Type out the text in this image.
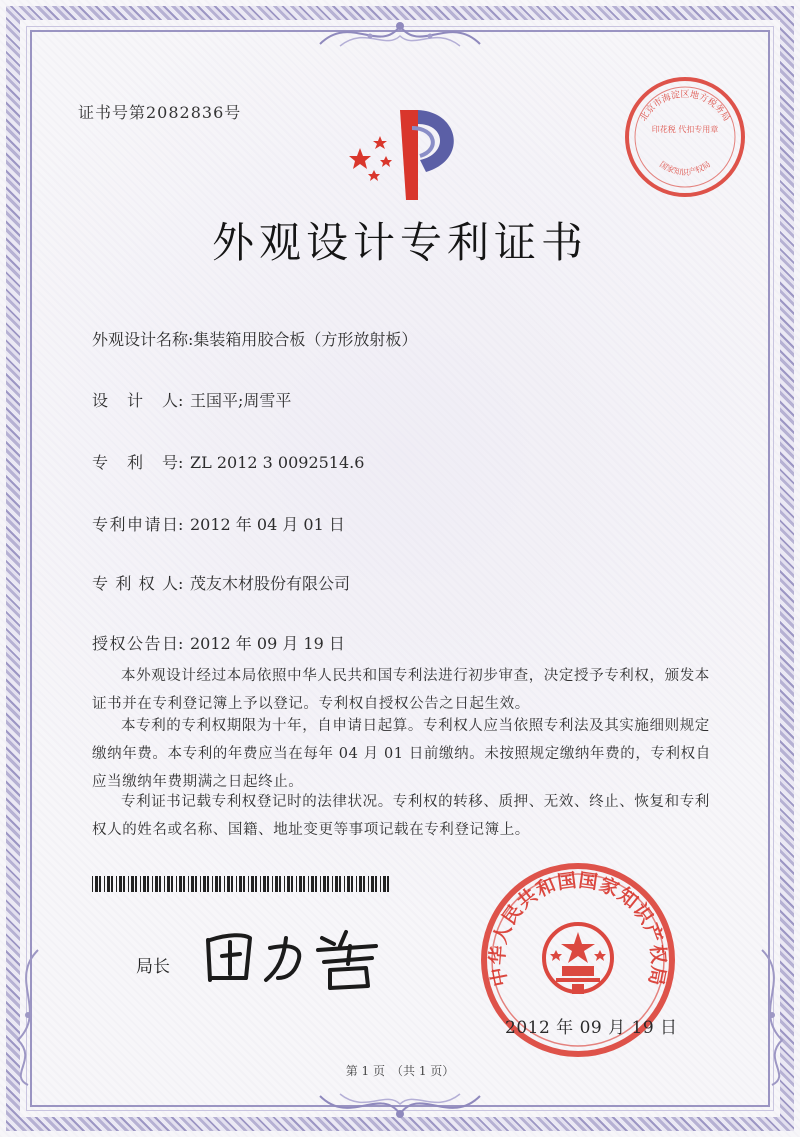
证书号第2082836号	北京市海淀区地方税务局
印花税 代扣专用章
国家知识产权局
外观设计专利证书
外观设计名称:集装箱用胶合板（方形放射板）
设 计 人: 王国平;周雪平
专 利 号: ZL 2012 3 0092514.6
专利申请日: 2012 年 04 月 01 日
专 利 权 人: 茂友木材股份有限公司
授权公告日: 2012 年 09 月 19 日
本外观设计经过本局依照中华人民共和国专利法进行初步审查，决定授予专利权，颁发本证书并在专利登记簿上予以登记。专利权自授权公告之日起生效。
本专利的专利权期限为十年，自申请日起算。专利权人应当依照专利法及其实施细则规定缴纳年费。本专利的年费应当在每年 04 月 01 日前缴纳。未按照规定缴纳年费的，专利权自应当缴纳年费期满之日起终止。
专利证书记载专利权登记时的法律状况。专利权的转移、质押、无效、终止、恢复和专利权人的姓名或名称、国籍、地址变更等事项记载在专利登记簿上。
局长	中华人民共和国国家知识产权局
2012 年 09 月 19 日
第 1 页　（共 1 页）
